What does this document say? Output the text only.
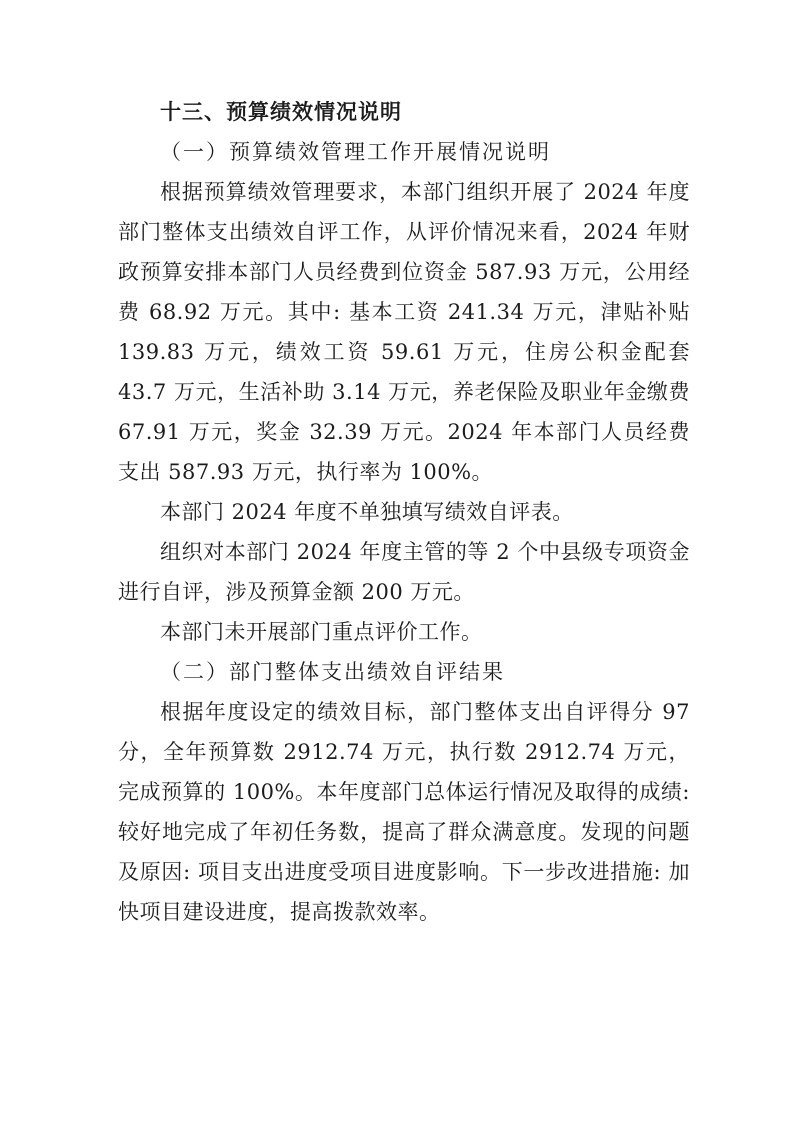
十三、预算绩效情况说明
（一）预算绩效管理工作开展情况说明

根据预算绩效管理要求，本部门组织开展了 2024 年度部门整体支出绩效自评工作，从评价情况来看，2024 年财政预算安排本部门人员经费到位资金 587.93 万元，公用经费 68.92 万元。其中: 基本工资 241.34 万元，津贴补贴 139.83 万元，绩效工资 59.61 万元，住房公积金配套 43.7 万元，生活补助 3.14 万元，养老保险及职业年金缴费 67.91 万元，奖金 32.39 万元。2024 年本部门人员经费支出 587.93 万元，执行率为 100%。

本部门 2024 年度不单独填写绩效自评表。

组织对本部门 2024 年度主管的等 2 个中县级专项资金进行自评，涉及预算金额 200 万元。

本部门未开展部门重点评价工作。

（二）部门整体支出绩效自评结果

根据年度设定的绩效目标，部门整体支出自评得分 97 分，全年预算数 2912.74 万元，执行数 2912.74 万元，完成预算的 100%。本年度部门总体运行情况及取得的成绩: 较好地完成了年初任务数，提高了群众满意度。发现的问题及原因: 项目支出进度受项目进度影响。下一步改进措施: 加快项目建设进度，提高拨款效率。
